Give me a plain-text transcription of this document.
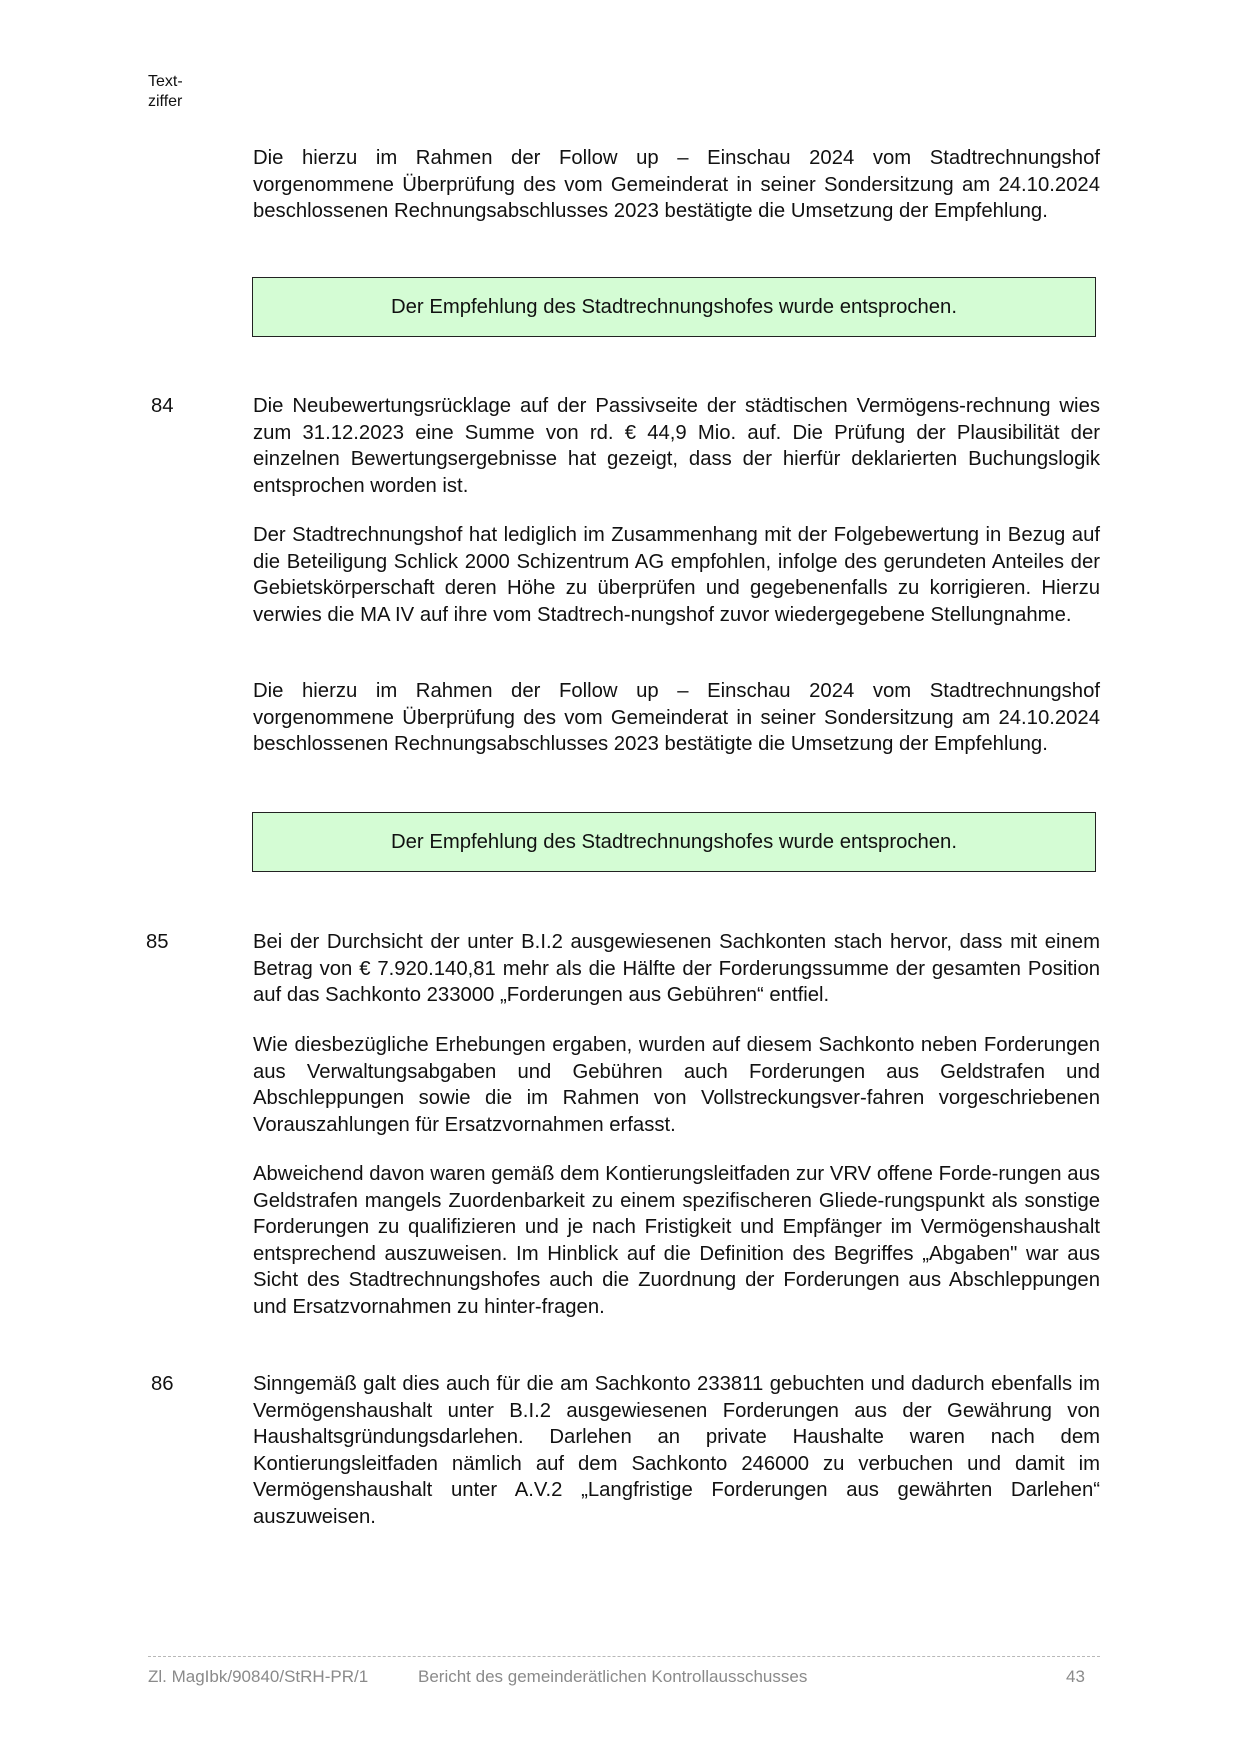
Text-
ziffer
Die hierzu im Rahmen der Follow up – Einschau 2024 vom Stadtrechnungshof vorgenommene Überprüfung des vom Gemeinderat in seiner Sondersitzung am 24.10.2024 beschlossenen Rechnungsabschlusses 2023 bestätigte die Umsetzung der Empfehlung.
Der Empfehlung des Stadtrechnungshofes wurde entsprochen.
84	Die Neubewertungsrücklage auf der Passivseite der städtischen Vermögens-rechnung wies zum 31.12.2023 eine Summe von rd. € 44,9 Mio. auf. Die Prüfung der Plausibilität der einzelnen Bewertungsergebnisse hat gezeigt, dass der hierfür deklarierten Buchungslogik entsprochen worden ist.
Der Stadtrechnungshof hat lediglich im Zusammenhang mit der Folgebewertung in Bezug auf die Beteiligung Schlick 2000 Schizentrum AG empfohlen, infolge des gerundeten Anteiles der Gebietskörperschaft deren Höhe zu überprüfen und gegebenenfalls zu korrigieren. Hierzu verwies die MA IV auf ihre vom Stadtrech-nungshof zuvor wiedergegebene Stellungnahme.
Die hierzu im Rahmen der Follow up – Einschau 2024 vom Stadtrechnungshof vorgenommene Überprüfung des vom Gemeinderat in seiner Sondersitzung am 24.10.2024 beschlossenen Rechnungsabschlusses 2023 bestätigte die Umsetzung der Empfehlung.
Der Empfehlung des Stadtrechnungshofes wurde entsprochen.
85	Bei der Durchsicht der unter B.I.2 ausgewiesenen Sachkonten stach hervor, dass mit einem Betrag von € 7.920.140,81 mehr als die Hälfte der Forderungssumme der gesamten Position auf das Sachkonto 233000 „Forderungen aus Gebühren“ entfiel.
Wie diesbezügliche Erhebungen ergaben, wurden auf diesem Sachkonto neben Forderungen aus Verwaltungsabgaben und Gebühren auch Forderungen aus Geldstrafen und Abschleppungen sowie die im Rahmen von Vollstreckungsver-fahren vorgeschriebenen Vorauszahlungen für Ersatzvornahmen erfasst.
Abweichend davon waren gemäß dem Kontierungsleitfaden zur VRV offene Forde-rungen aus Geldstrafen mangels Zuordenbarkeit zu einem spezifischeren Gliede-rungspunkt als sonstige Forderungen zu qualifizieren und je nach Fristigkeit und Empfänger im Vermögenshaushalt entsprechend auszuweisen. Im Hinblick auf die Definition des Begriffes „Abgaben" war aus Sicht des Stadtrechnungshofes auch die Zuordnung der Forderungen aus Abschleppungen und Ersatzvornahmen zu hinter-fragen.
86	Sinngemäß galt dies auch für die am Sachkonto 233811 gebuchten und dadurch ebenfalls im Vermögenshaushalt unter B.I.2 ausgewiesenen Forderungen aus der Gewährung von Haushaltsgründungsdarlehen. Darlehen an private Haushalte waren nach dem Kontierungsleitfaden nämlich auf dem Sachkonto 246000 zu verbuchen und damit im Vermögenshaushalt unter A.V.2 „Langfristige Forderungen aus gewährten Darlehen“ auszuweisen.
Zl. MagIbk/90840/StRH-PR/1	Bericht des gemeinderätlichen Kontrollausschusses	43
